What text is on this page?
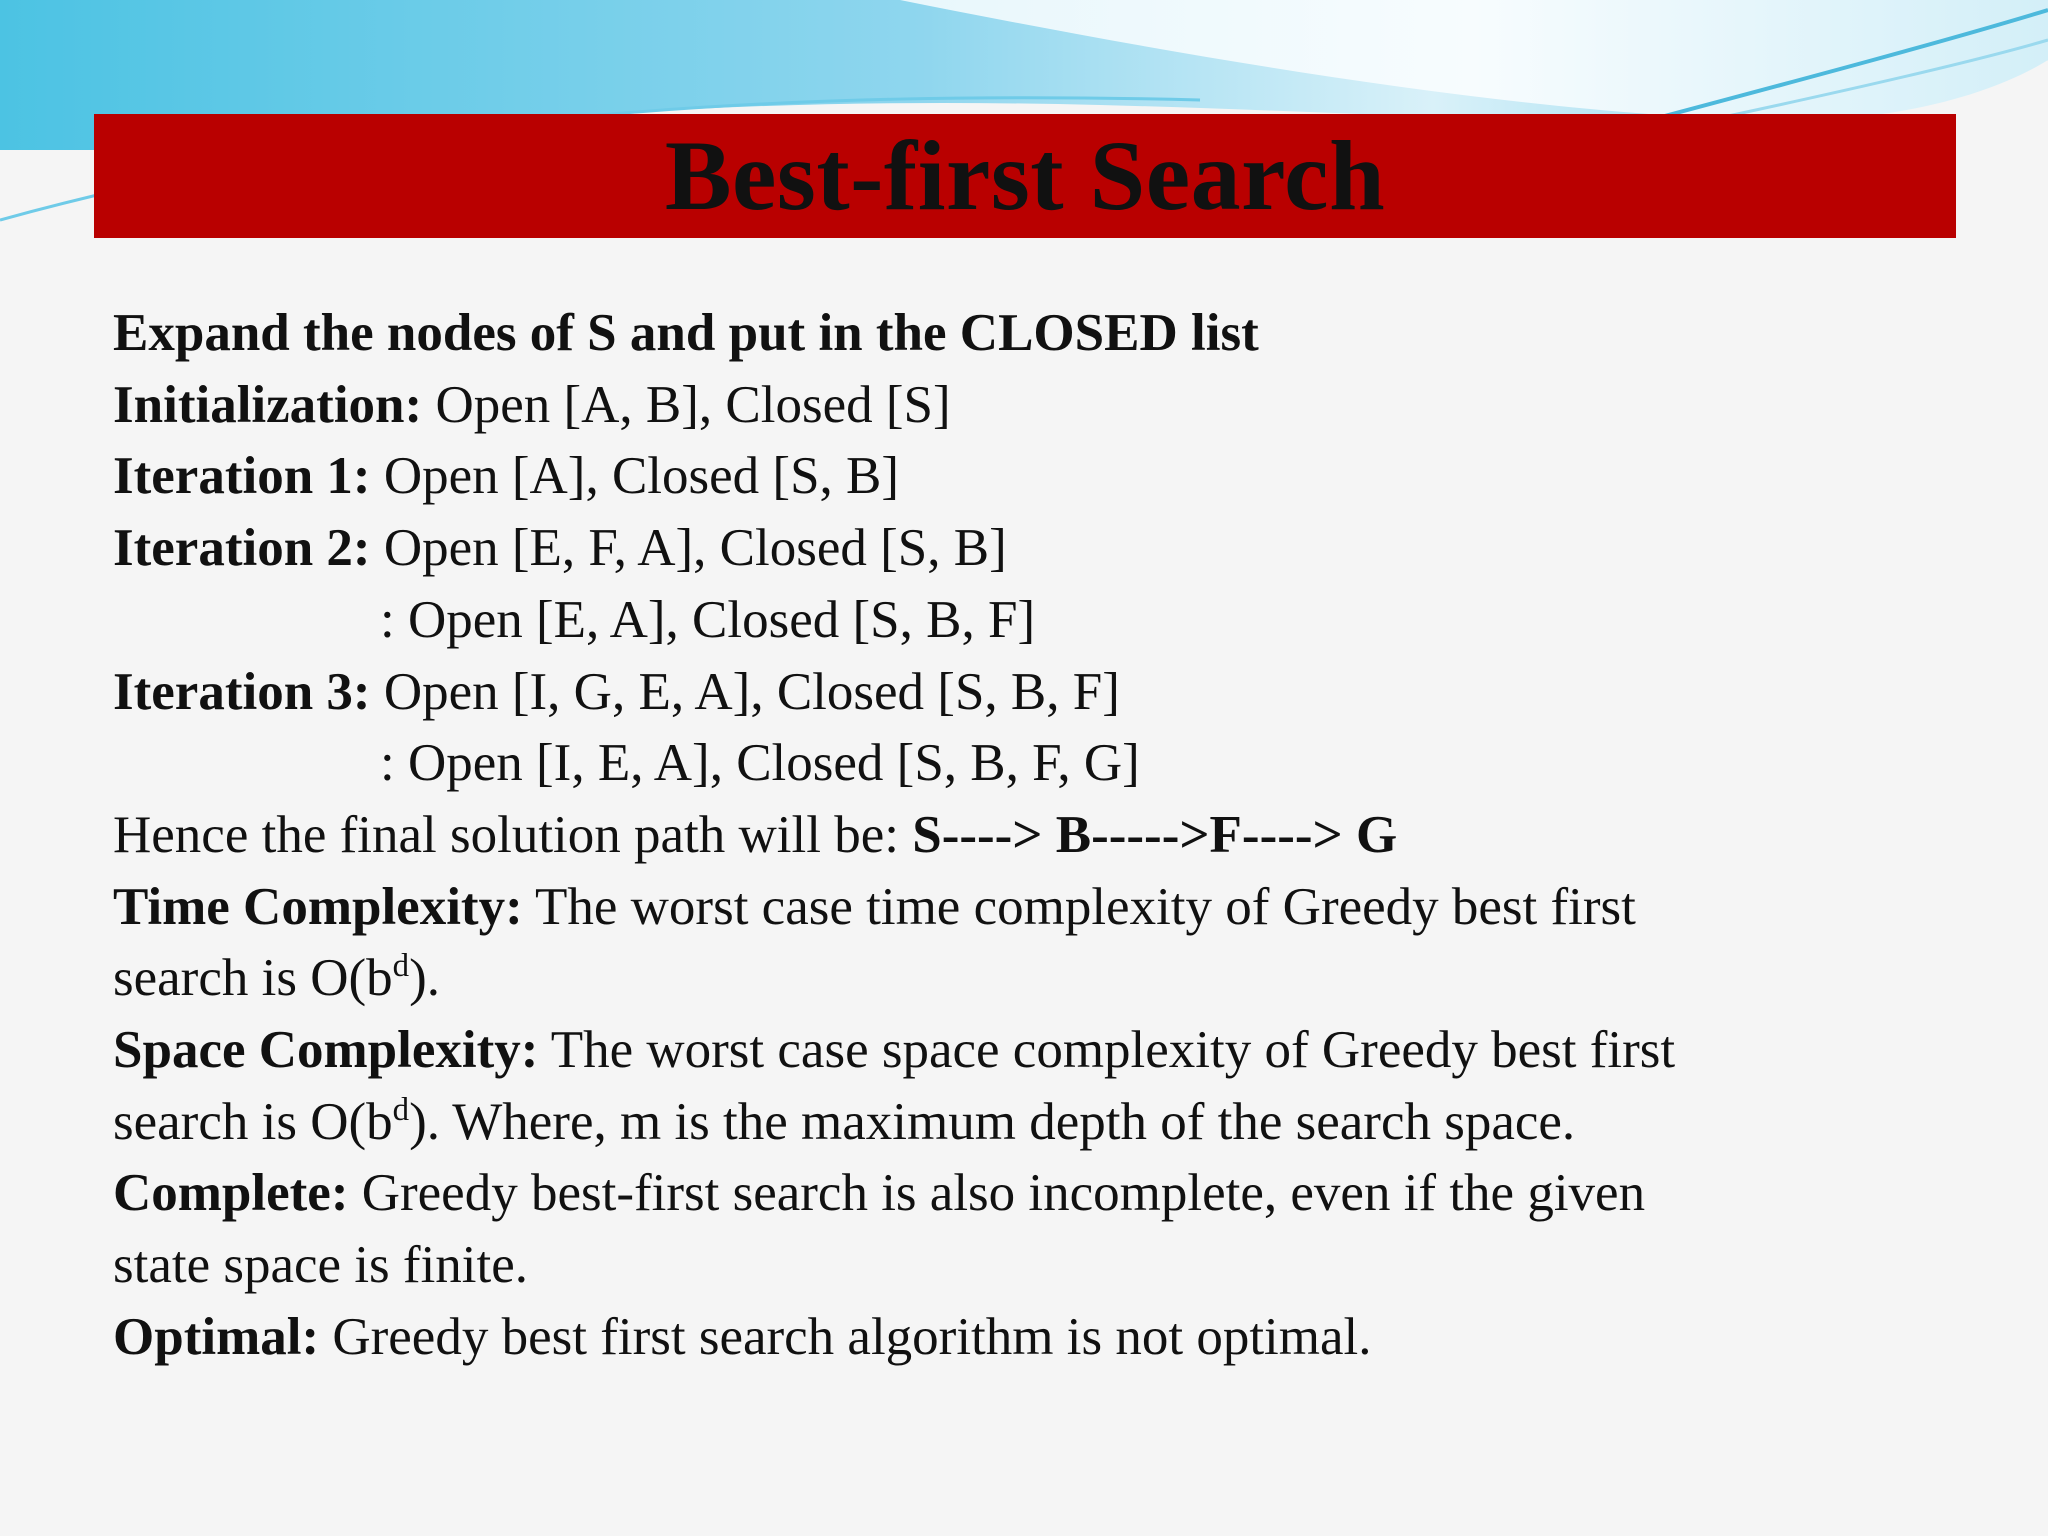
Best-first Search
Expand the nodes of S and put in the CLOSED list
Initialization: Open [A, B], Closed [S]
Iteration 1: Open [A], Closed [S, B]
Iteration 2: Open [E, F, A], Closed [S, B]
: Open [E, A], Closed [S, B, F]
Iteration 3: Open [I, G, E, A], Closed [S, B, F]
: Open [I, E, A], Closed [S, B, F, G]
Hence the final solution path will be: S----> B----->F----> G
Time Complexity: The worst case time complexity of Greedy best first
search is $O(b^d)$.
Space Complexity: The worst case space complexity of Greedy best first
search is $O(b^d)$. Where, m is the maximum depth of the search space.
Complete: Greedy best-first search is also incomplete, even if the given
state space is finite.
Optimal: Greedy best first search algorithm is not optimal.
